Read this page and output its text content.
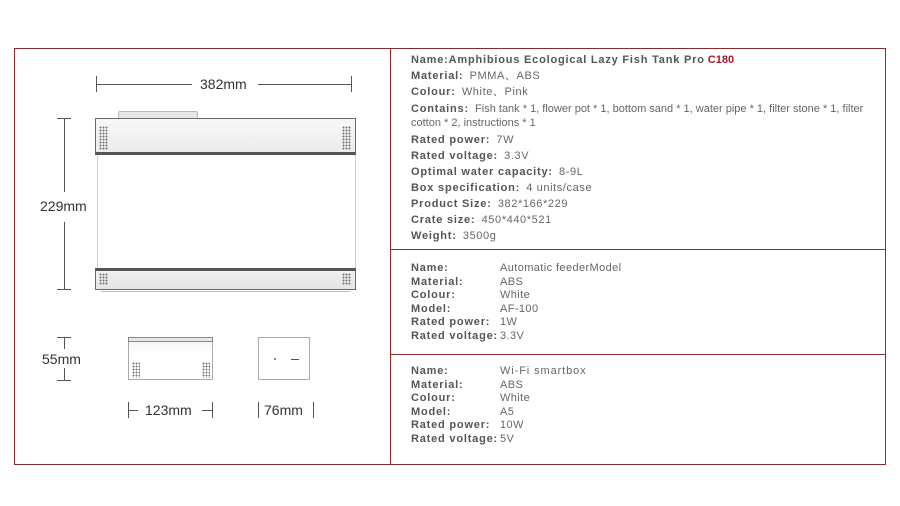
382mm
229mm
55mm
123mm	76mm
Name:Amphibious Ecological Lazy Fish Tank Pro C180
Material: PMMA、ABS
Colour: White、Pink
Contains: Fish tank * 1, flower pot * 1, bottom sand * 1, water pipe * 1, filter stone * 1, filter cotton * 2, instructions * 1
Rated power: 7W
Rated voltage: 3.3V
Optimal water capacity: 8-9L
Box specification: 4 units/case
Product Size: 382*166*229
Crate size: 450*440*521
Weight: 3500g
Name:	Automatic feederModel
Material:	ABS
Colour:	White
Model:	AF-100
Rated power: 1W
Rated voltage: 3.3V
Name:	Wi-Fi smartbox
Material:	ABS
Colour:	White
Model:	A5
Rated power: 10W
Rated voltage: 5V
